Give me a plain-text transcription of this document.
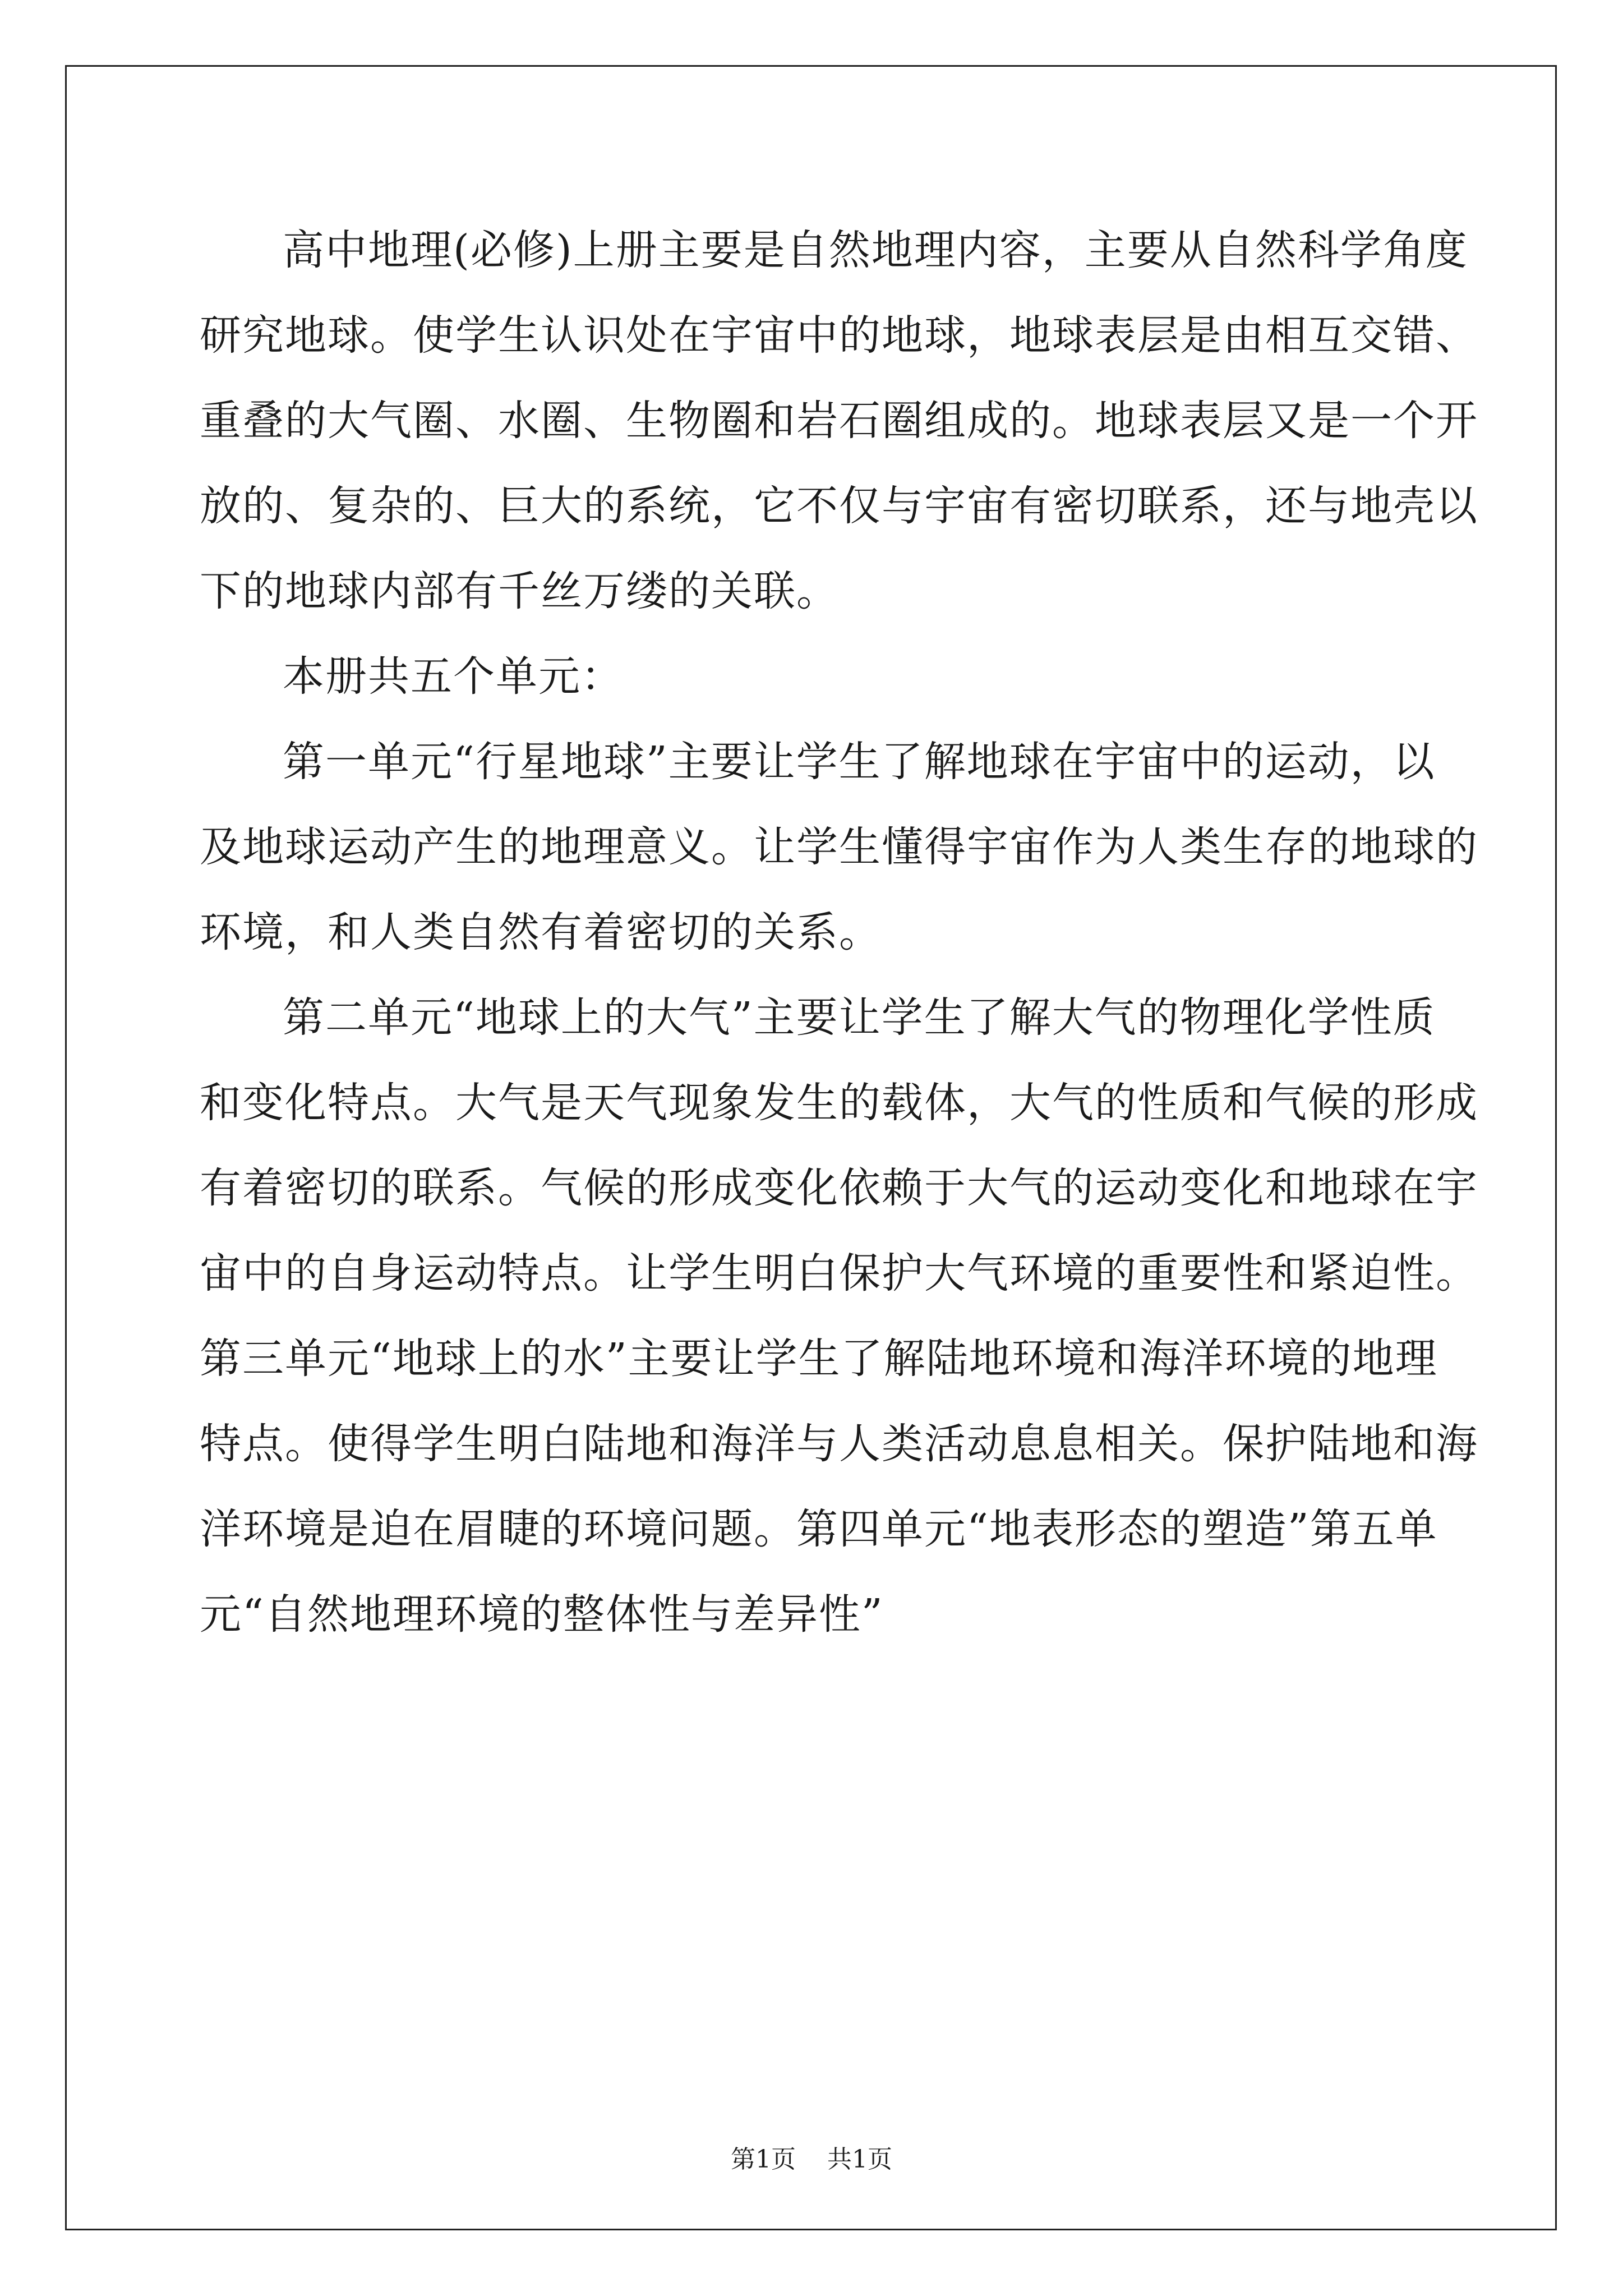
高中地理(必修)上册主要是自然地理内容，主要从自然科学角度
研究地球。使学生认识处在宇宙中的地球，地球表层是由相互交错、
重叠的大气圈、水圈、生物圈和岩石圈组成的。地球表层又是一个开
放的、复杂的、巨大的系统，它不仅与宇宙有密切联系，还与地壳以
下的地球内部有千丝万缕的关联。
本册共五个单元：
第一单元“行星地球”主要让学生了解地球在宇宙中的运动，以
及地球运动产生的地理意义。让学生懂得宇宙作为人类生存的地球的
环境，和人类自然有着密切的关系。
第二单元“地球上的大气”主要让学生了解大气的物理化学性质
和变化特点。大气是天气现象发生的载体，大气的性质和气候的形成
有着密切的联系。气候的形成变化依赖于大气的运动变化和地球在宇
宙中的自身运动特点。让学生明白保护大气环境的重要性和紧迫性。
第三单元“地球上的水”主要让学生了解陆地环境和海洋环境的地理
特点。使得学生明白陆地和海洋与人类活动息息相关。保护陆地和海
洋环境是迫在眉睫的环境问题。第四单元“地表形态的塑造”第五单
元“自然地理环境的整体性与差异性”
第1页    共1页
